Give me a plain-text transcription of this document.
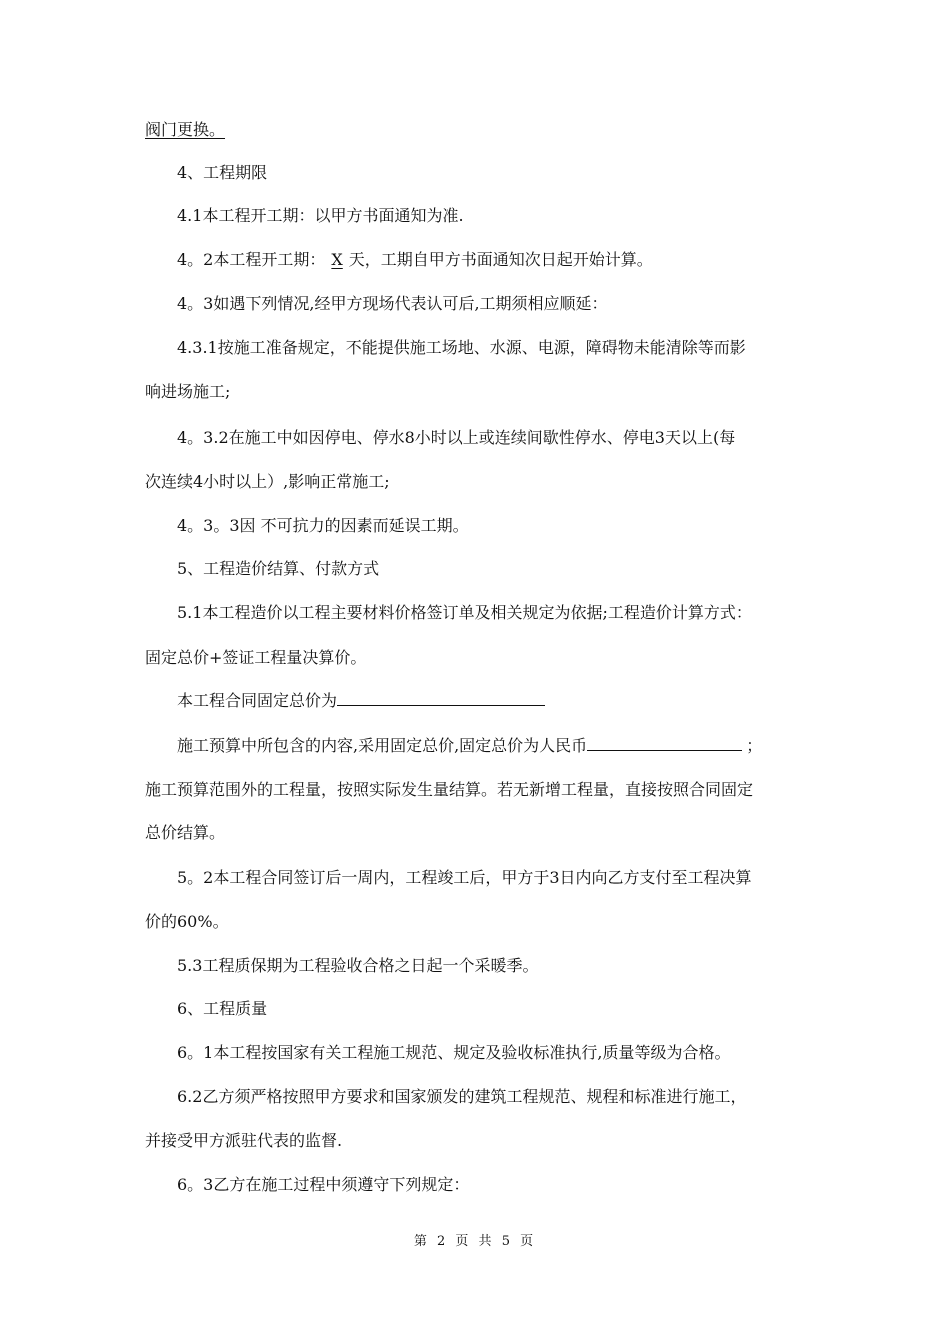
阀门更换。
4、工程期限
4.1本工程开工期：以甲方书面通知为准.
4。2本工程开工期： X 天，工期自甲方书面通知次日起开始计算。
4。3如遇下列情况,经甲方现场代表认可后,工期须相应顺延：
4.3.1按施工准备规定，不能提供施工场地、水源、电源，障碍物未能清除等而影
响进场施工;
4。3.2在施工中如因停电、停水8小时以上或连续间歇性停水、停电3天以上(每
次连续4小时以上）,影响正常施工;
4。3。3因 不可抗力的因素而延误工期。
5、工程造价结算、付款方式
5.1本工程造价以工程主要材料价格签订单及相关规定为依据;工程造价计算方式：
固定总价+签证工程量决算价。
本工程合同固定总价为
施工预算中所包含的内容,采用固定总价,固定总价为人民币	；
施工预算范围外的工程量，按照实际发生量结算。若无新增工程量，直接按照合同固定
总价结算。
5。2本工程合同签订后一周内，工程竣工后，甲方于3日内向乙方支付至工程决算
价的60%。
5.3工程质保期为工程验收合格之日起一个采暖季。
6、工程质量
6。1本工程按国家有关工程施工规范、规定及验收标准执行,质量等级为合格。
6.2乙方须严格按照甲方要求和国家颁发的建筑工程规范、规程和标准进行施工，
并接受甲方派驻代表的监督.
6。3乙方在施工过程中须遵守下列规定：
第 2 页 共 5 页
